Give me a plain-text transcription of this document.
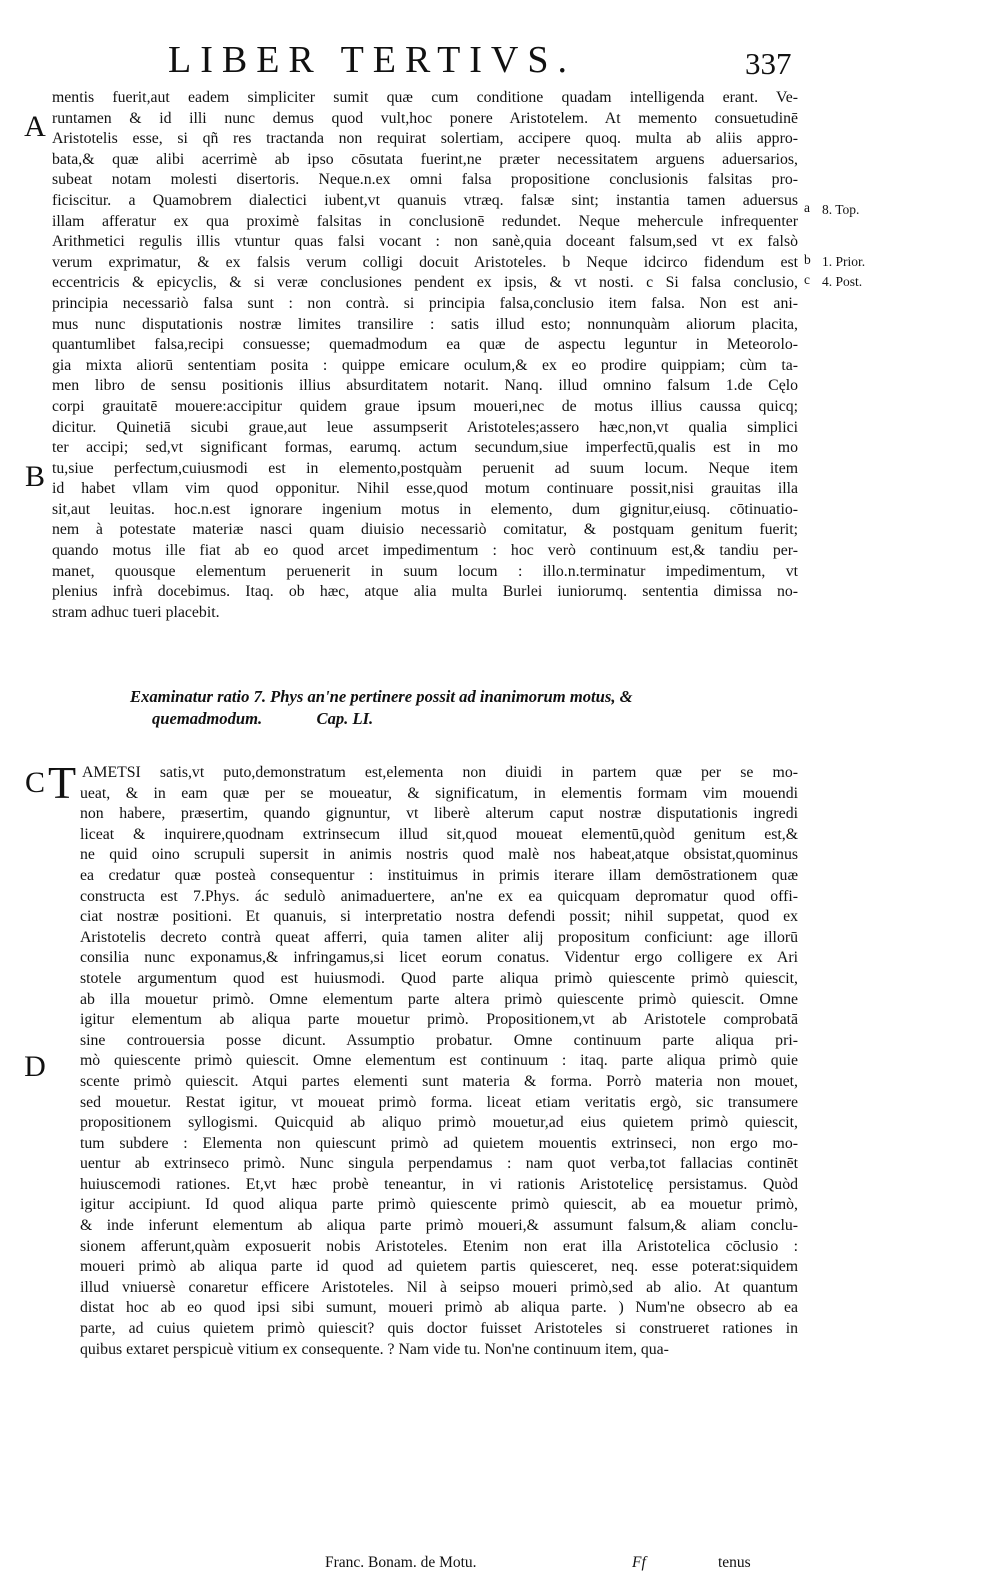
LIBER TERTIVS.	337
A
B
C
D
a 8. Top.
b 1. Prior.
c 4. Post.
mentis fuerit,aut eadem simpliciter sumit quæ cum conditione quadam intelligenda erant. Ve-
runtamen & id illi nunc demus quod vult,hoc ponere Aristotelem. At memento consuetudinē
Aristotelis esse, si qñ res tractanda non requirat solertiam, accipere quoq. multa ab aliis appro-
bata,& quæ alibi acerrimè ab ipso cōsutata fuerint,ne præter necessitatem arguens aduersarios,
subeat notam molesti disertoris. Neque.n.ex omni falsa propositione conclusionis falsitas pro-
ficiscitur. a Quamobrem dialectici iubent,vt quanuis vtræq. falsæ sint; instantia tamen aduersus
illam afferatur ex qua proximè falsitas in conclusionē redundet. Neque mehercule infrequenter
Arithmetici regulis illis vtuntur quas falsi vocant : non sanè,quia doceant falsum,sed vt ex falsò
verum exprimatur, & ex falsis verum colligi docuit Aristoteles. b Neque idcirco fidendum est
eccentricis & epicyclis, & si veræ conclusiones pendent ex ipsis, & vt nosti. c Si falsa conclusio,
principia necessariò falsa sunt : non contrà. si principia falsa,conclusio item falsa. Non est ani-
mus nunc disputationis nostræ limites transilire : satis illud esto; nonnunquàm aliorum placita,
quantumlibet falsa,recipi consuesse; quemadmodum ea quæ de aspectu leguntur in Meteorolo-
gia mixta aliorū sententiam posita : quippe emicare oculum,& ex eo prodire quippiam; cùm ta-
men libro de sensu positionis illius absurditatem notarit. Nanq. illud omnino falsum 1.de Cęlo
corpi grauitatē mouere:accipitur quidem graue ipsum moueri,nec de motus illius caussa quicq;
dicitur. Quinetiā sicubi graue,aut leue assumpserit Aristoteles;assero hæc,non,vt qualia simplici
ter accipi; sed,vt significant formas, earumq. actum secundum,siue imperfectū,qualis est in mo
tu,siue perfectum,cuiusmodi est in elemento,postquàm peruenit ad suum locum. Neque item
id habet vllam vim quod opponitur. Nihil esse,quod motum continuare possit,nisi grauitas illa
sit,aut leuitas. hoc.n.est ignorare ingenium motus in elemento, dum gignitur,eiusq. cōtinuatio-
nem à potestate materiæ nasci quam diuisio necessariò comitatur, & postquam genitum fuerit;
quando motus ille fiat ab eo quod arcet impedimentum : hoc verò continuum est,& tandiu per-
manet, quousque elementum peruenerit in suum locum : illo.n.terminatur impedimentum, vt
plenius infrà docebimus. Itaq. ob hæc, atque alia multa Burlei iuniorumq. sententia dimissa no-
stram adhuc tueri placebit.
Examinatur ratio 7. Phys an'ne pertinere possit ad inanimorum motus, &
quemadmodum.	Cap. LI.
T AMETSI satis,vt puto,demonstratum est,elementa non diuidi in partem quæ per se mo-
ueat, & in eam quæ per se moueatur, & significatum, in elementis formam vim mouendi
non habere, præsertim, quando gignuntur, vt liberè alterum caput nostræ disputationis ingredi
liceat & inquirere,quodnam extrinsecum illud sit,quod moueat elementū,quòd genitum est,&
ne quid oino scrupuli supersit in animis nostris quod malè nos habeat,atque obsistat,quominus
ea credatur quæ posteà consequentur : instituimus in primis iterare illam demōstrationem quæ
constructa est 7.Phys. ác sedulò animaduertere, an'ne ex ea quicquam depromatur quod offi-
ciat nostræ positioni. Et quanuis, si interpretatio nostra defendi possit; nihil suppetat, quod ex
Aristotelis decreto contrà queat afferri, quia tamen aliter alij propositum conficiunt: age illorū
consilia nunc exponamus,& infringamus,si licet eorum conatus. Videntur ergo colligere ex Ari
stotele argumentum quod est huiusmodi. Quod parte aliqua primò quiescente primò quiescit,
ab illa mouetur primò. Omne elementum parte altera primò quiescente primò quiescit. Omne
igitur elementum ab aliqua parte mouetur primò. Propositionem,vt ab Aristotele comprobatā
sine controuersia posse dicunt. Assumptio probatur. Omne continuum parte aliqua pri-
mò quiescente primò quiescit. Omne elementum est continuum : itaq. parte aliqua primò quie
scente primò quiescit. Atqui partes elementi sunt materia & forma. Porrò materia non mouet,
sed mouetur. Restat igitur, vt moueat primò forma. liceat etiam veritatis ergò, sic transumere
propositionem syllogismi. Quicquid ab aliquo primò mouetur,ad eius quietem primò quiescit,
tum subdere : Elementa non quiescunt primò ad quietem mouentis extrinseci, non ergo mo-
uentur ab extrinseco primò. Nunc singula perpendamus : nam quot verba,tot fallacias continēt
huiuscemodi rationes. Et,vt hæc probè teneantur, in vi rationis Aristotelicę persistamus. Quòd
igitur accipiunt. Id quod aliqua parte primò quiescente primò quiescit, ab ea mouetur primò,
& inde inferunt elementum ab aliqua parte primò moueri,& assumunt falsum,& aliam conclu-
sionem afferunt,quàm exposuerit nobis Aristoteles. Etenim non erat illa Aristotelica cōclusio :
moueri primò ab aliqua parte id quod ad quietem partis quiesceret, neq. esse poterat:siquidem
illud vniuersè conaretur efficere Aristoteles. Nil à seipso moueri primò,sed ab alio. At quantum
distat hoc ab eo quod ipsi sibi sumunt, moueri primò ab aliqua parte. ) Num'ne obsecro ab ea
parte, ad cuius quietem primò quiescit? quis doctor fuisset Aristoteles si construeret rationes in
quibus extaret perspicuè vitium ex consequente. ? Nam vide tu. Non'ne continuum item, qua-
Franc. Bonam. de Motu.	Ff	tenus
